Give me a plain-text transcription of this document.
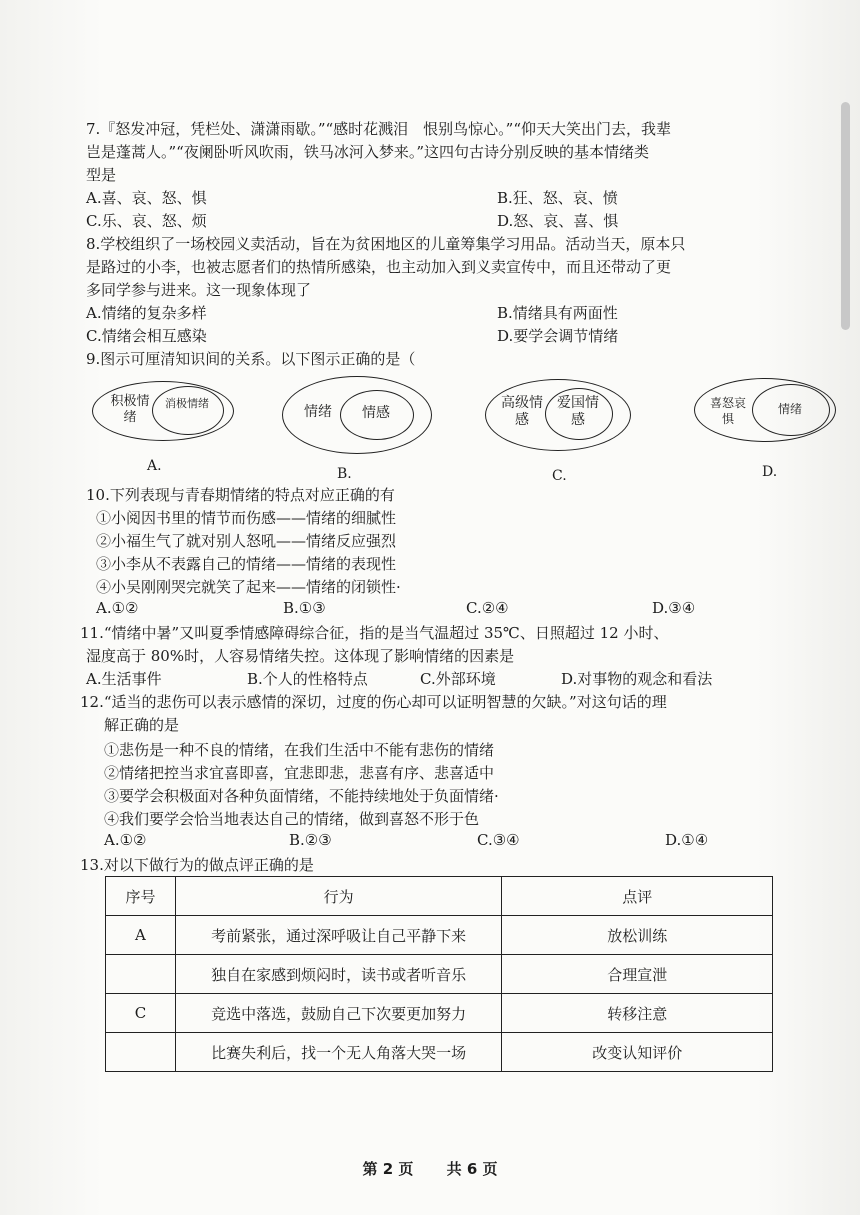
7.『怒发冲冠，凭栏处、潇潇雨歇。”“感时花溅泪　恨别鸟惊心。”“仰天大笑出门去，我辈
岂是蓬蒿人。”“夜阑卧听风吹雨，铁马冰河入梦来。”这四句古诗分别反映的基本情绪类
型是
A.喜、哀、怒、惧	B.狂、怒、哀、愤
C.乐、哀、怒、烦	D.怒、哀、喜、惧
8.学校组织了一场校园义卖活动，旨在为贫困地区的儿童筹集学习用品。活动当天，原本只
是路过的小李，也被志愿者们的热情所感染，也主动加入到义卖宣传中，而且还带动了更
多同学参与进来。这一现象体现了
A.情绪的复杂多样	B.情绪具有两面性
C.情绪会相互感染	D.要学会调节情绪
9.图示可厘清知识间的关系。以下图示正确的是（
积极情绪
消极情绪
A.
情绪	情感
B.
高级情感
爱国情感
C.
喜怒哀惧
情绪
D.
10.下列表现与青春期情绪的特点对应正确的有
①小阅因书里的情节而伤感——情绪的细腻性
②小福生气了就对别人怒吼——情绪反应强烈
③小李从不表露自己的情绪——情绪的表现性
④小吴刚刚哭完就笑了起来——情绪的闭锁性·
A.①②	B.①③	C.②④	D.③④
11.“情绪中暑”又叫夏季情感障碍综合征，指的是当气温超过 35℃、日照超过 12 小时、
湿度高于 80%时，人容易情绪失控。这体现了影响情绪的因素是
A.生活事件	B.个人的性格特点	C.外部环境	D.对事物的观念和看法
12.“适当的悲伤可以表示感情的深切，过度的伤心却可以证明智慧的欠缺。”对这句话的理
解正确的是
①悲伤是一种不良的情绪，在我们生活中不能有悲伤的情绪
②情绪把控当求宜喜即喜，宜悲即悲，悲喜有序、悲喜适中
③要学会积极面对各种负面情绪，不能持续地处于负面情绪·
④我们要学会恰当地表达自己的情绪，做到喜怒不形于色
A.①②	B.②③	C.③④	D.①④
13.对以下做行为的做点评正确的是
序号	行为	点评
A	考前紧张，通过深呼吸让自己平静下来	放松训练
	独自在家感到烦闷时，读书或者听音乐	合理宣泄
C	竞选中落选，鼓励自己下次要更加努力	转移注意
	比赛失利后，找一个无人角落大哭一场	改变认知评价
第 2 页 共 6 页
